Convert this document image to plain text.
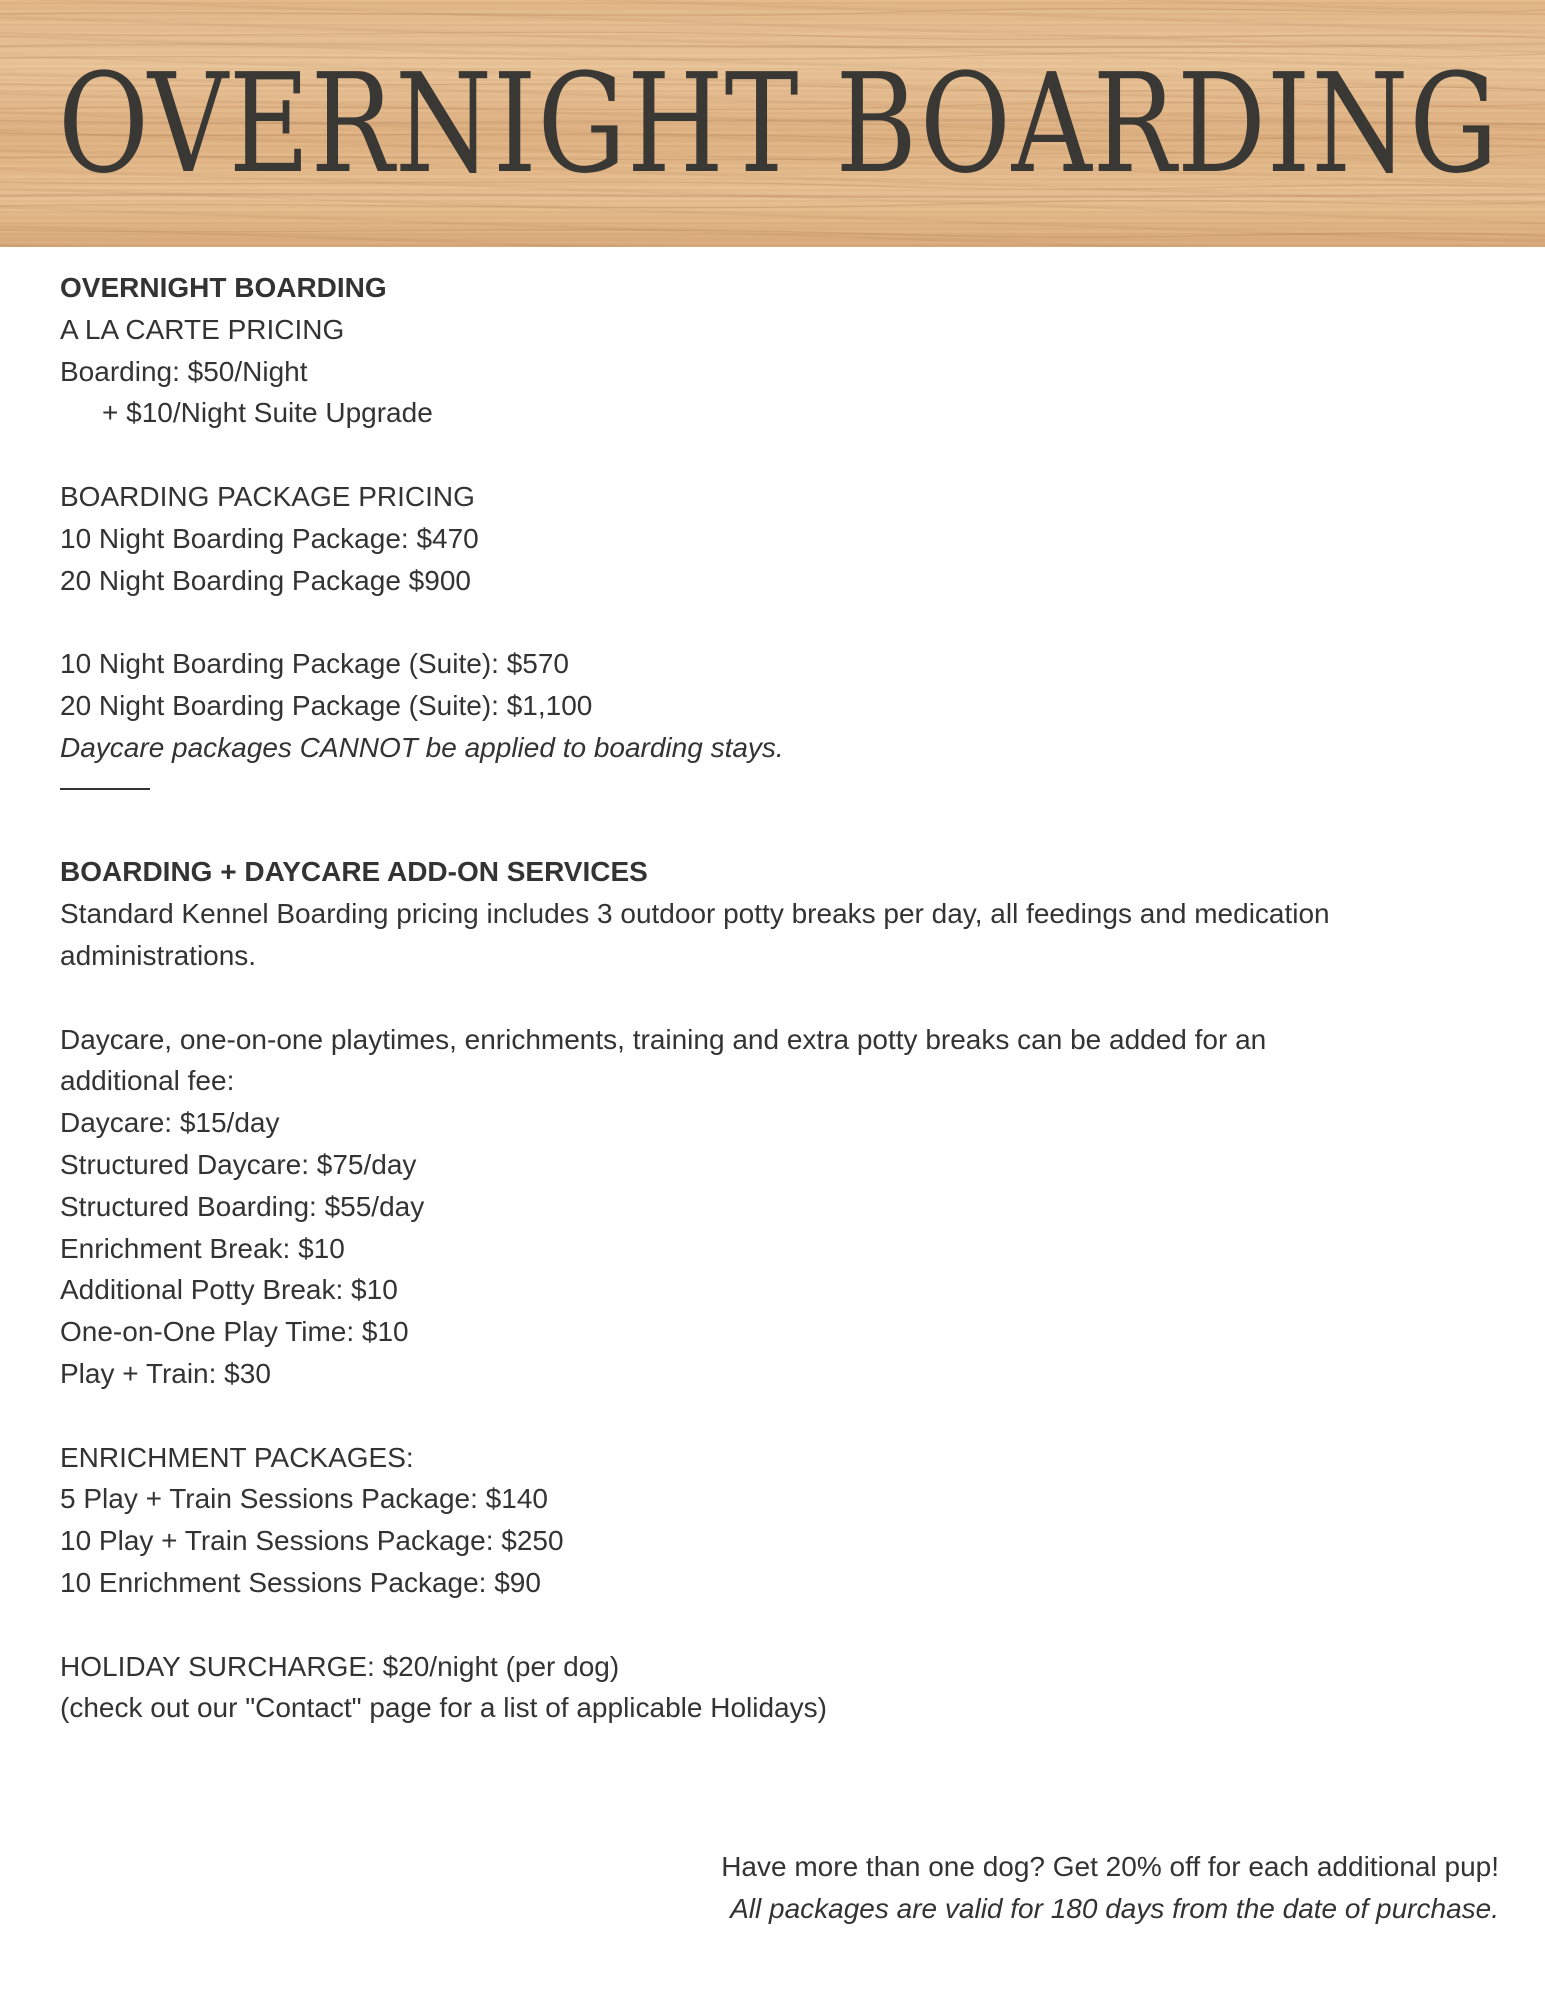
OVERNIGHT BOARDING
OVERNIGHT BOARDING
A LA CARTE PRICING
Boarding: $50/Night
+ $10/Night Suite Upgrade
BOARDING PACKAGE PRICING
10 Night Boarding Package: $470
20 Night Boarding Package $900
10 Night Boarding Package (Suite): $570
20 Night Boarding Package (Suite): $1,100
Daycare packages CANNOT be applied to boarding stays.
BOARDING + DAYCARE ADD-ON SERVICES
Standard Kennel Boarding pricing includes 3 outdoor potty breaks per day, all feedings and medication
administrations.
Daycare, one-on-one playtimes, enrichments, training and extra potty breaks can be added for an
additional fee:
Daycare: $15/day
Structured Daycare: $75/day
Structured Boarding: $55/day
Enrichment Break: $10
Additional Potty Break: $10
One-on-One Play Time: $10
Play + Train: $30
ENRICHMENT PACKAGES:
5 Play + Train Sessions Package: $140
10 Play + Train Sessions Package: $250
10 Enrichment Sessions Package: $90
HOLIDAY SURCHARGE: $20/night (per dog)
(check out our "Contact" page for a list of applicable Holidays)
Have more than one dog? Get 20% off for each additional pup!
All packages are valid for 180 days from the date of purchase.
